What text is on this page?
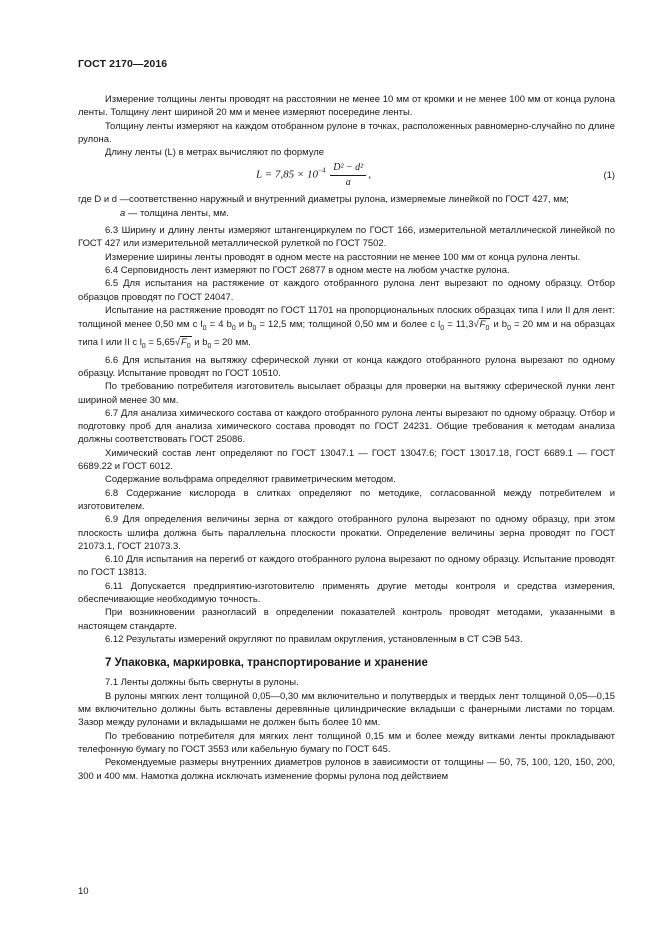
ГОСТ 2170—2016

Измерение толщины ленты проводят на расстоянии не менее 10 мм от кромки и не менее 100 мм от конца рулона ленты. Толщину лент шириной 20 мм и менее измеряют посередине ленты.

Толщину ленты измеряют на каждом отобранном рулоне в точках, расположенных равномерно-случайно по длине рулона.

Длину ленты (L) в метрах вычисляют по формуле

$L = 7,85 \times 10^{-4} \frac{\text{D² − d²}}{a}$ ,	(1)

где D и d —соответственно наружный и внутренний диаметры рулона, измеряемые линейкой по ГОСТ 427, мм;

a — толщина ленты, мм.

6.3 Ширину и длину ленты измеряют штангенциркулем по ГОСТ 166, измерительной металлической линейкой по ГОСТ 427 или измерительной металлической рулеткой по ГОСТ 7502.

Измерение ширины ленты проводят в одном месте на расстоянии не менее 100 мм от конца рулона ленты.

6.4 Серповидность лент измеряют по ГОСТ 26877 в одном месте на любом участке рулона.

6.5 Для испытания на растяжение от каждого отобранного рулона лент вырезают по одному образцу. Отбор образцов проводят по ГОСТ 24047.

Испытание на растяжение проводят по ГОСТ 11701 на пропорциональных плоских образцах типа I или II для лент: толщиной менее 0,50 мм с $l_0 = 4$ $b_0$ и $b_0 = 12,5$ мм; толщиной 0,50 мм и более с $l_0 = 11,3√F_0$ и $b_0 = 20$ мм и на образцах типа I или II с $l_0 = 5,65√F_0$ и $b_0 = 20$ мм.

6.6 Для испытания на вытяжку сферической лунки от конца каждого отобранного рулона вырезают по одному образцу. Испытание проводят по ГОСТ 10510.

По требованию потребителя изготовитель высылает образцы для проверки на вытяжку сферической лунки лент шириной менее 30 мм.

6.7 Для анализа химического состава от каждого отобранного рулона ленты вырезают по одному образцу. Отбор и подготовку проб для анализа химического состава проводят по ГОСТ 24231. Общие требования к методам анализа должны соответствовать ГОСТ 25086.

Химический состав лент определяют по ГОСТ 13047.1 — ГОСТ 13047.6; ГОСТ 13017.18, ГОСТ 6689.1 — ГОСТ 6689.22 и ГОСТ 6012.

Содержание вольфрама определяют гравиметрическим методом.

6.8 Содержание кислорода в слитках определяют по методике, согласованной между потребителем и изготовителем.

6.9 Для определения величины зерна от каждого отобранного рулона вырезают по одному образцу, при этом плоскость шлифа должна быть параллельна плоскости прокатки. Определение величины зерна проводят по ГОСТ 21073.1, ГОСТ 21073.3.

6.10 Для испытания на перегиб от каждого отобранного рулона вырезают по одному образцу. Испытание проводят по ГОСТ 13813.

6.11 Допускается предприятию-изготовителю применять другие методы контроля и средства измерения, обеспечивающие необходимую точность.

При возникновении разногласий в определении показателей контроль проводят методами, указанными в настоящем стандарте.

6.12 Результаты измерений округляют по правилам округления, установленным в СТ СЭВ 543.

7 Упаковка, маркировка, транспортирование и хранение

7.1 Ленты должны быть свернуты в рулоны.

В рулоны мягких лент толщиной 0,05—0,30 мм включительно и полутвердых и твердых лент толщиной 0,05—0,15 мм включительно должны быть вставлены деревянные цилиндрические вкладыши с фанерными листами по торцам. Зазор между рулонами и вкладышами не должен быть более 10 мм.

По требованию потребителя для мягких лент толщиной 0,15 мм и более между витками ленты прокладывают телефонную бумагу по ГОСТ 3553 или кабельную бумагу по ГОСТ 645.

Рекомендуемые размеры внутренних диаметров рулонов в зависимости от толщины — 50, 75, 100, 120, 150, 200, 300 и 400 мм. Намотка должна исключать изменение формы рулона под действием

10
